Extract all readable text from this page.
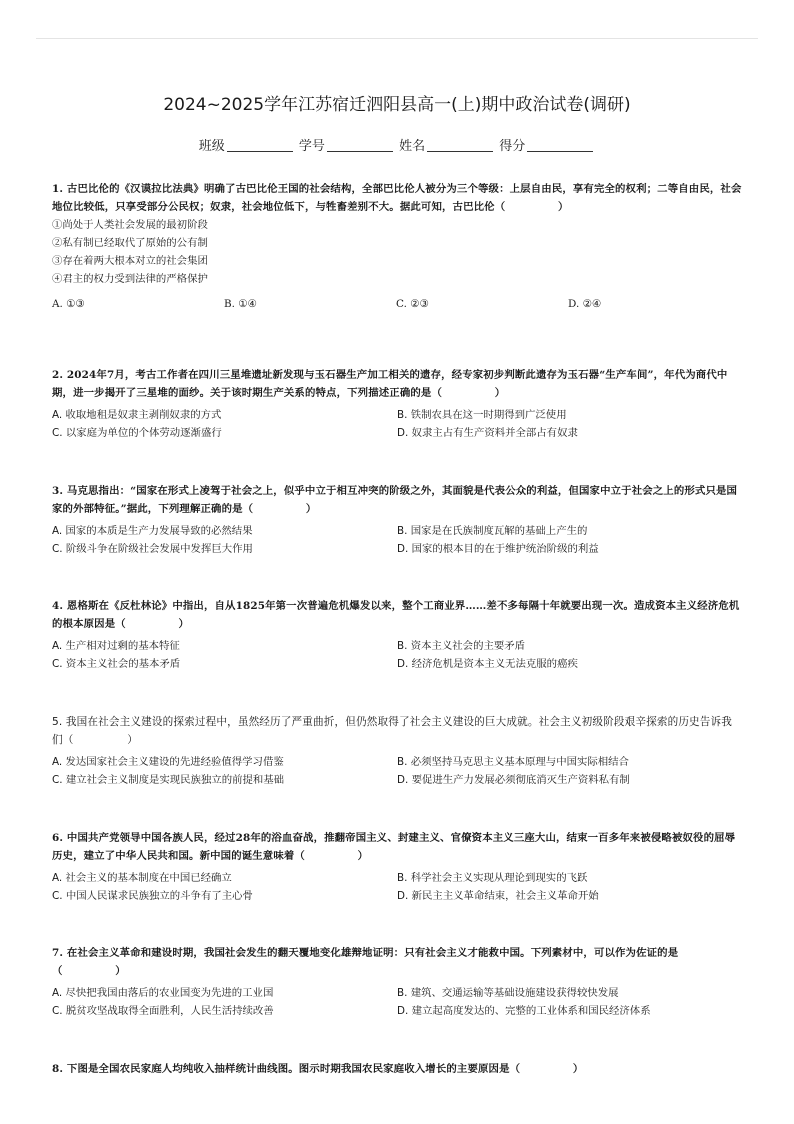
2024~2025学年江苏宿迁泗阳县高一(上)期中政治试卷(调研)
班级	学号	姓名	得分
1. 古巴比伦的《汉谟拉比法典》明确了古巴比伦王国的社会结构，全部巴比伦人被分为三个等级：上层自由民，享有完全的权利；二等自由民，社会地位比较低，只享受部分公民权；奴隶，社会地位低下，与牲畜差别不大。据此可知，古巴比伦（　　　　　）
①尚处于人类社会发展的最初阶段
②私有制已经取代了原始的公有制
③存在着两大根本对立的社会集团
④君主的权力受到法律的严格保护
A. ①③	B. ①④	C. ②③	D. ②④
2. 2024年7月，考古工作者在四川三星堆遗址新发现与玉石器生产加工相关的遗存，经专家初步判断此遗存为玉石器“生产车间”，年代为商代中期，进一步揭开了三星堆的面纱。关于该时期生产关系的特点，下列描述正确的是（　　　　　）
A. 收取地租是奴隶主剥削奴隶的方式	B. 铁制农具在这一时期得到广泛使用
C. 以家庭为单位的个体劳动逐渐盛行	D. 奴隶主占有生产资料并全部占有奴隶
3. 马克思指出：“国家在形式上凌驾于社会之上，似乎中立于相互冲突的阶级之外，其面貌是代表公众的利益，但国家中立于社会之上的形式只是国家的外部特征。”据此，下列理解正确的是（　　　　　）
A. 国家的本质是生产力发展导致的必然结果	B. 国家是在氏族制度瓦解的基础上产生的
C. 阶级斗争在阶级社会发展中发挥巨大作用	D. 国家的根本目的在于维护统治阶级的利益
4. 恩格斯在《反杜林论》中指出，自从1825年第一次普遍危机爆发以来，整个工商业界……差不多每隔十年就要出现一次。造成资本主义经济危机的根本原因是（　　　　　）
A. 生产相对过剩的基本特征	B. 资本主义社会的主要矛盾
C. 资本主义社会的基本矛盾	D. 经济危机是资本主义无法克服的癌疾
5. 我国在社会主义建设的探索过程中，虽然经历了严重曲折，但仍然取得了社会主义建设的巨大成就。社会主义初级阶段艰辛探索的历史告诉我们（　　　　　）
A. 发达国家社会主义建设的先进经验值得学习借鉴	B. 必须坚持马克思主义基本原理与中国实际相结合
C. 建立社会主义制度是实现民族独立的前提和基础	D. 要促进生产力发展必须彻底消灭生产资料私有制
6. 中国共产党领导中国各族人民，经过28年的浴血奋战，推翻帝国主义、封建主义、官僚资本主义三座大山，结束一百多年来被侵略被奴役的屈辱历史，建立了中华人民共和国。新中国的诞生意味着（　　　　　）
A. 社会主义的基本制度在中国已经确立	B. 科学社会主义实现从理论到现实的飞跃
C. 中国人民谋求民族独立的斗争有了主心骨	D. 新民主主义革命结束，社会主义革命开始
7. 在社会主义革命和建设时期，我国社会发生的翻天覆地变化雄辩地证明：只有社会主义才能救中国。下列素材中，可以作为佐证的是（　　　　　）
A. 尽快把我国由落后的农业国变为先进的工业国	B. 建筑、交通运输等基础设施建设获得较快发展
C. 脱贫攻坚战取得全面胜利，人民生活持续改善	D. 建立起高度发达的、完整的工业体系和国民经济体系
8. 下图是全国农民家庭人均纯收入抽样统计曲线图。图示时期我国农民家庭收入增长的主要原因是（　　　　　）
